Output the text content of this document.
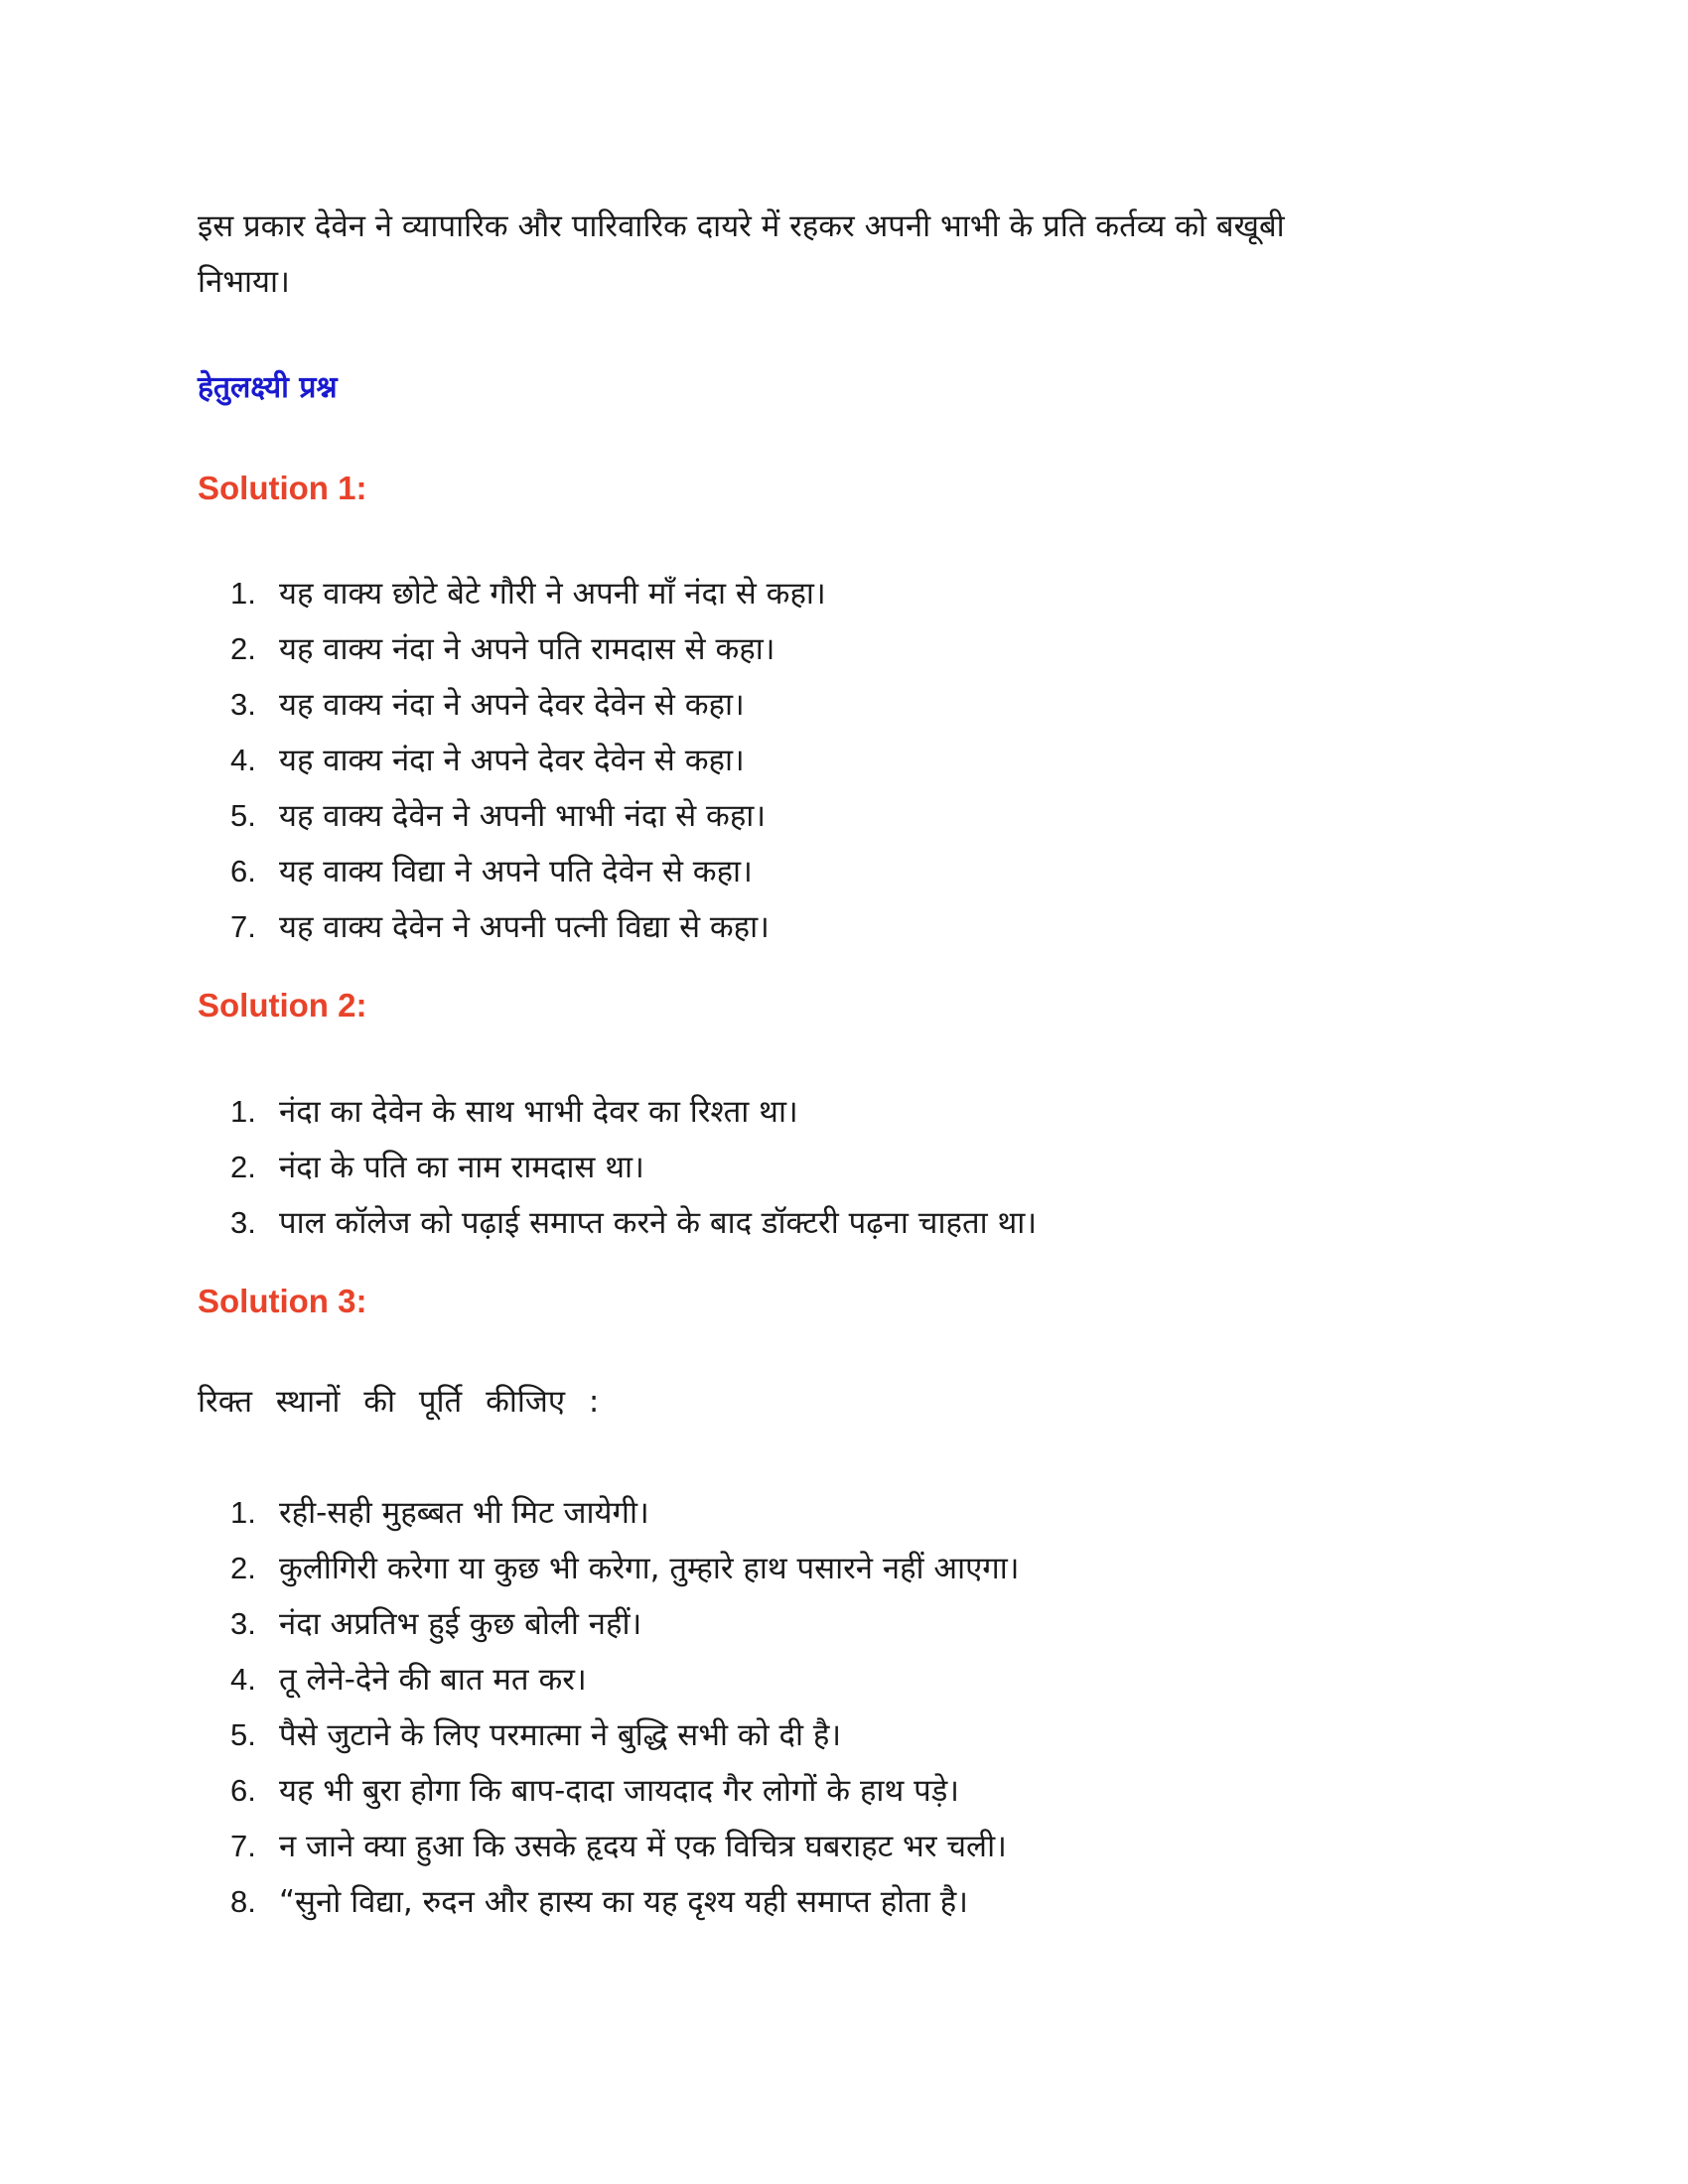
इस प्रकार देवेन ने व्यापारिक और पारिवारिक दायरे में रहकर अपनी भाभी के प्रति कर्तव्य को बखूबी
निभाया।

हेतुलक्ष्यी प्रश्न
Solution 1:
1. यह वाक्य छोटे बेटे गौरी ने अपनी माँ नंदा से कहा।
2. यह वाक्य नंदा ने अपने पति रामदास से कहा।
3. यह वाक्य नंदा ने अपने देवर देवेन से कहा।
4. यह वाक्य नंदा ने अपने देवर देवेन से कहा।
5. यह वाक्य देवेन ने अपनी भाभी नंदा से कहा।
6. यह वाक्य विद्या ने अपने पति देवेन से कहा।
7. यह वाक्य देवेन ने अपनी पत्नी विद्या से कहा।
Solution 2:
1. नंदा का देवेन के साथ भाभी देवर का रिश्ता था।
2. नंदा के पति का नाम रामदास था।
3. पाल कॉलेज को पढ़ाई समाप्त करने के बाद डॉक्टरी पढ़ना चाहता था।
Solution 3:

रिक्त स्थानों की पूर्ति कीजिए :

1. रही-सही मुहब्बत भी मिट जायेगी।
2. कुलीगिरी करेगा या कुछ भी करेगा, तुम्हारे हाथ पसारने नहीं आएगा।
3. नंदा अप्रतिभ हुई कुछ बोली नहीं।
4. तू लेने-देने की बात मत कर।
5. पैसे जुटाने के लिए परमात्मा ने बुद्धि सभी को दी है।
6. यह भी बुरा होगा कि बाप-दादा जायदाद गैर लोगों के हाथ पड़े।
7. न जाने क्या हुआ कि उसके हृदय में एक विचित्र घबराहट भर चली।
8. “सुनो विद्या, रुदन और हास्य का यह दृश्य यही समाप्त होता है।
